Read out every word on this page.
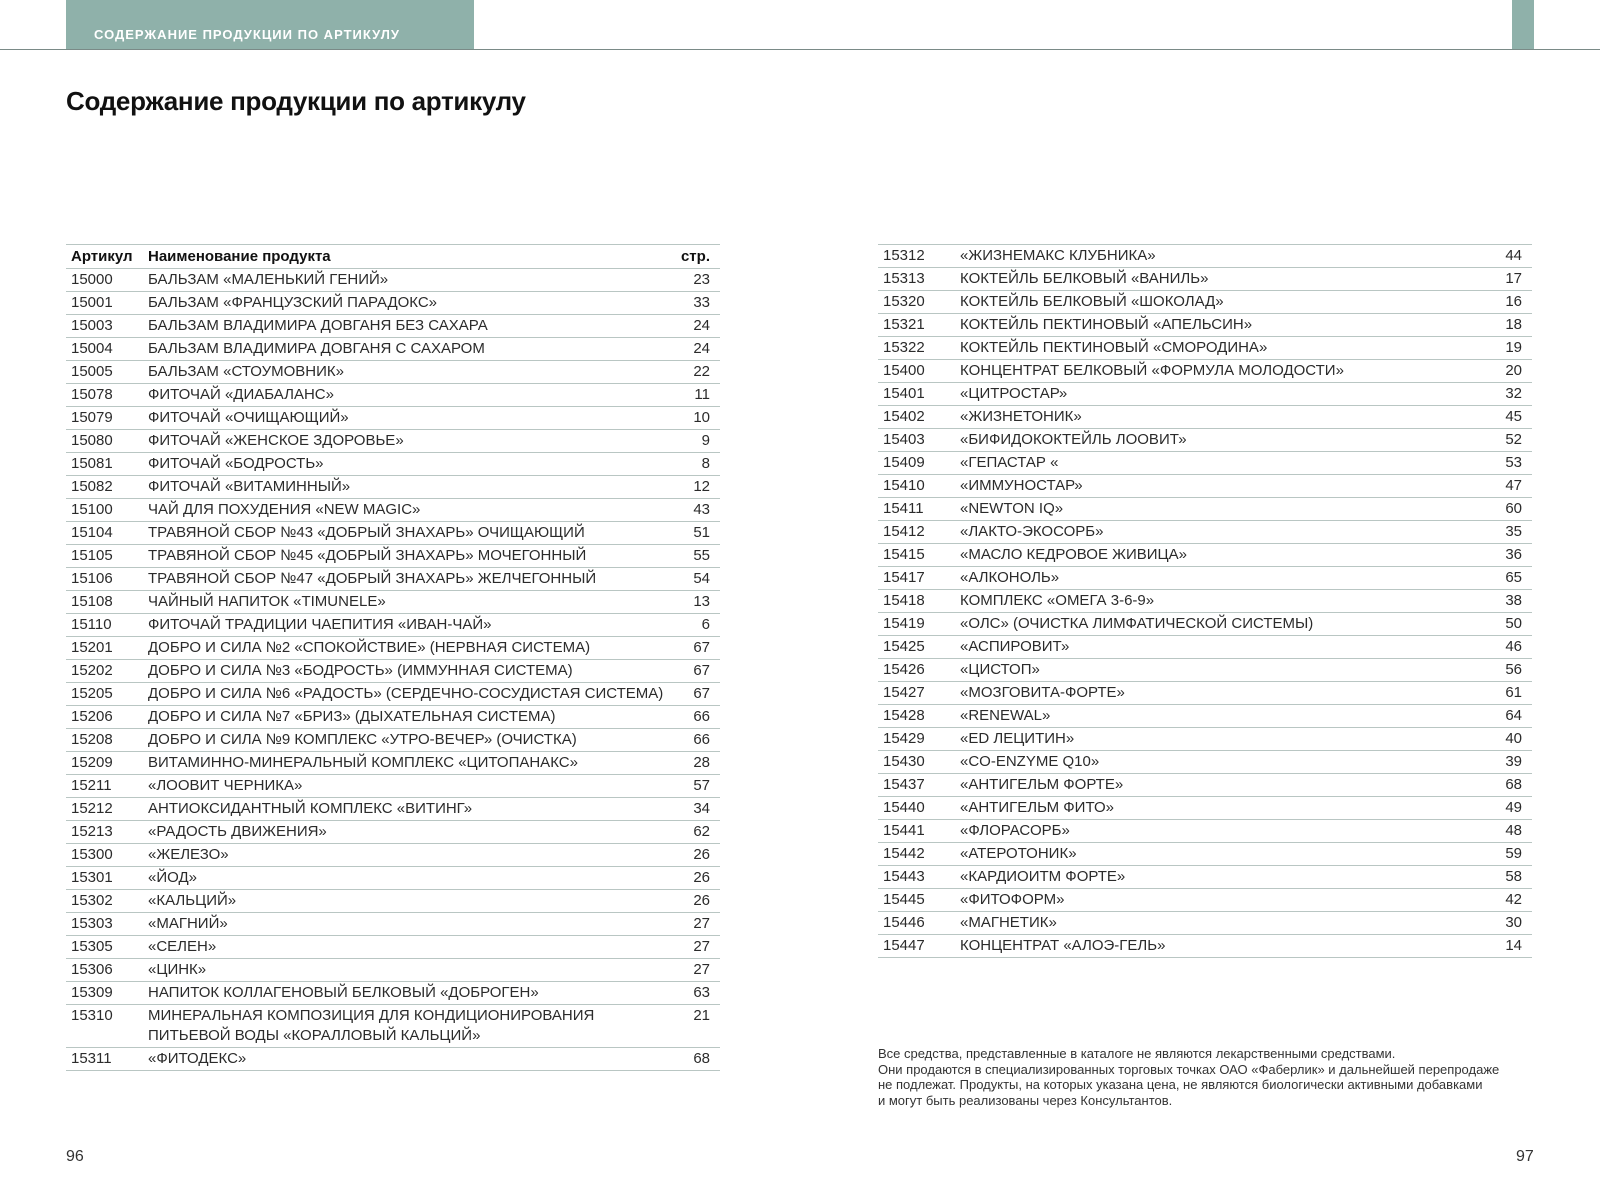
СОДЕРЖАНИЕ ПРОДУКЦИИ ПО АРТИКУЛУ
Содержание продукции по артикулу
Артикул	Наименование продукта	стр.
15000	БАЛЬЗАМ «МАЛЕНЬКИЙ ГЕНИЙ»	23
15001	БАЛЬЗАМ «ФРАНЦУЗСКИЙ ПАРАДОКС»	33
15003	БАЛЬЗАМ ВЛАДИМИРА ДОВГАНЯ БЕЗ САХАРА	24
15004	БАЛЬЗАМ ВЛАДИМИРА ДОВГАНЯ С САХАРОМ	24
15005	БАЛЬЗАМ «СТОУМОВНИК»	22
15078	ФИТОЧАЙ «ДИАБАЛАНС»	11
15079	ФИТОЧАЙ «ОЧИЩАЮЩИЙ»	10
15080	ФИТОЧАЙ «ЖЕНСКОЕ ЗДОРОВЬЕ»	9
15081	ФИТОЧАЙ «БОДРОСТЬ»	8
15082	ФИТОЧАЙ «ВИТАМИННЫЙ»	12
15100	ЧАЙ ДЛЯ ПОХУДЕНИЯ «NEW MAGIC»	43
15104	ТРАВЯНОЙ СБОР №43 «ДОБРЫЙ ЗНАХАРЬ» ОЧИЩАЮЩИЙ	51
15105	ТРАВЯНОЙ СБОР №45 «ДОБРЫЙ ЗНАХАРЬ» МОЧЕГОННЫЙ	55
15106	ТРАВЯНОЙ СБОР №47 «ДОБРЫЙ ЗНАХАРЬ» ЖЕЛЧЕГОННЫЙ	54
15108	ЧАЙНЫЙ НАПИТОК «TIMUNELE»	13
15110	ФИТОЧАЙ ТРАДИЦИИ ЧАЕПИТИЯ «ИВАН-ЧАЙ»	6
15201	ДОБРО И СИЛА №2 «СПОКОЙСТВИЕ» (НЕРВНАЯ СИСТЕМА)	67
15202	ДОБРО И СИЛА №3 «БОДРОСТЬ» (ИММУННАЯ СИСТЕМА)	67
15205	ДОБРО И СИЛА №6 «РАДОСТЬ» (СЕРДЕЧНО-СОСУДИСТАЯ СИСТЕМА)	67
15206	ДОБРО И СИЛА №7 «БРИЗ» (ДЫХАТЕЛЬНАЯ СИСТЕМА)	66
15208	ДОБРО И СИЛА №9 КОМПЛЕКС «УТРО-ВЕЧЕР» (ОЧИСТКА)	66
15209	ВИТАМИННО-МИНЕРАЛЬНЫЙ КОМПЛЕКС «ЦИТОПАНАКС»	28
15211	«ЛООВИТ ЧЕРНИКА»	57
15212	АНТИОКСИДАНТНЫЙ КОМПЛЕКС «ВИТИНГ»	34
15213	«РАДОСТЬ ДВИЖЕНИЯ»	62
15300	«ЖЕЛЕЗО»	26
15301	«ЙОД»	26
15302	«КАЛЬЦИЙ»	26
15303	«МАГНИЙ»	27
15305	«СЕЛЕН»	27
15306	«ЦИНК»	27
15309	НАПИТОК КОЛЛАГЕНОВЫЙ БЕЛКОВЫЙ «ДОБРОГЕН»	63
15310	МИНЕРАЛЬНАЯ КОМПОЗИЦИЯ ДЛЯ КОНДИЦИОНИРОВАНИЯ ПИТЬЕВОЙ ВОДЫ «КОРАЛЛОВЫЙ КАЛЬЦИЙ»	21
15311	«ФИТОДЕКС»	68
15312	«ЖИЗНЕМАКС КЛУБНИКА»	44
15313	КОКТЕЙЛЬ БЕЛКОВЫЙ «ВАНИЛЬ»	17
15320	КОКТЕЙЛЬ БЕЛКОВЫЙ «ШОКОЛАД»	16
15321	КОКТЕЙЛЬ ПЕКТИНОВЫЙ «АПЕЛЬСИН»	18
15322	КОКТЕЙЛЬ ПЕКТИНОВЫЙ «СМОРОДИНА»	19
15400	КОНЦЕНТРАТ БЕЛКОВЫЙ «ФОРМУЛА МОЛОДОСТИ»	20
15401	«ЦИТРОСТАР»	32
15402	«ЖИЗНЕТОНИК»	45
15403	«БИФИДОКОКТЕЙЛЬ ЛООВИТ»	52
15409	«ГЕПАСТАР «	53
15410	«ИММУНОСТАР»	47
15411	«NEWTON IQ»	60
15412	«ЛАКТО-ЭКОСОРБ»	35
15415	«МАСЛО КЕДРОВОЕ ЖИВИЦА»	36
15417	«АЛКОНОЛЬ»	65
15418	КОМПЛЕКС «ОМЕГА 3-6-9»	38
15419	«ОЛС» (ОЧИСТКА ЛИМФАТИЧЕСКОЙ СИСТЕМЫ)	50
15425	«АСПИРОВИТ»	46
15426	«ЦИСТОП»	56
15427	«МОЗГОВИТА-ФОРТЕ»	61
15428	«RENEWAL»	64
15429	«ED ЛЕЦИТИН»	40
15430	«CO-ENZYME Q10»	39
15437	«АНТИГЕЛЬМ ФОРТЕ»	68
15440	«АНТИГЕЛЬМ ФИТО»	49
15441	«ФЛОРАСОРБ»	48
15442	«АТЕРОТОНИК»	59
15443	«КАРДИОИТМ ФОРТЕ»	58
15445	«ФИТОФОРМ»	42
15446	«МАГНЕТИК»	30
15447	КОНЦЕНТРАТ «АЛОЭ-ГЕЛЬ»	14
Все средства, представленные в каталоге не являются лекарственными средствами.
Они продаются в специализированных торговых точках ОАО «Фаберлик» и дальнейшей перепродаже
не подлежат. Продукты, на которых указана цена, не являются биологически активными добавками
и могут быть реализованы через Консультантов.
96	97
